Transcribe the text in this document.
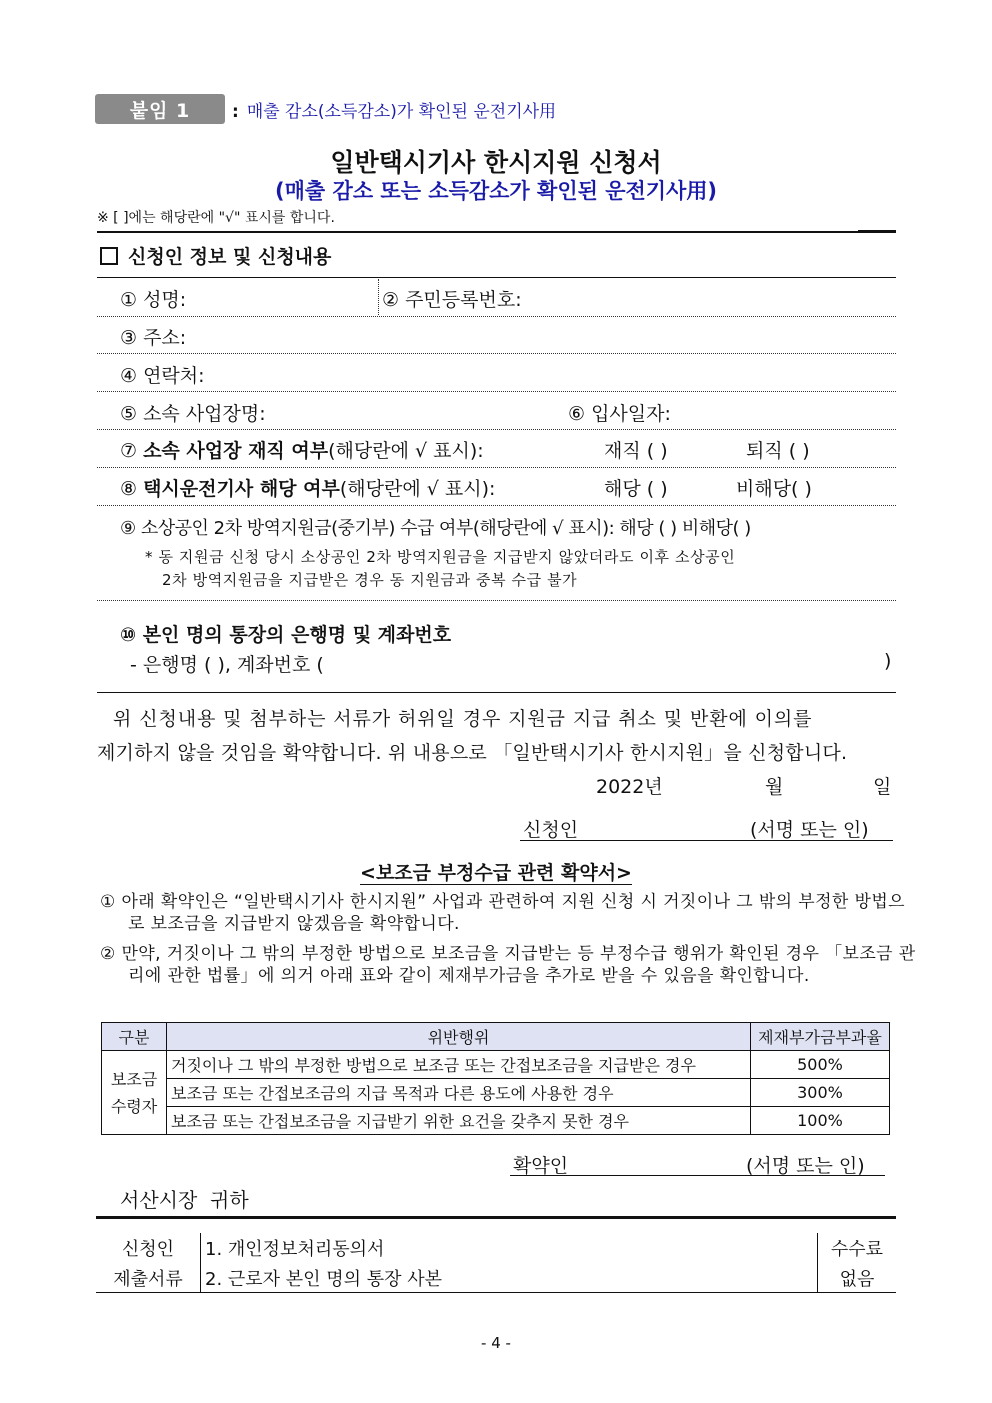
붙임 1	: 매출 감소(소득감소)가 확인된 운전기사用
일반택시기사 한시지원 신청서
(매출 감소 또는 소득감소가 확인된 운전기사用)
※ [ ]에는 해당란에 "√" 표시를 합니다.
신청인 정보 및 신청내용
① 성명:	② 주민등록번호:
③ 주소:
④ 연락처:
⑤ 소속 사업장명:	⑥ 입사일자:
⑦ 소속 사업장 재직 여부(해당란에 √ 표시):	재직 ( )	퇴직 ( )
⑧ 택시운전기사 해당 여부(해당란에 √ 표시):	해당 ( )	비해당( )
⑨ 소상공인 2차 방역지원금(중기부) 수급 여부(해당란에 √ 표시): 해당 ( ) 비해당( )
* 동 지원금 신청 당시 소상공인 2차 방역지원금을 지급받지 않았더라도 이후 소상공인
2차 방역지원금을 지급받은 경우 동 지원금과 중복 수급 불가
⑩ 본인 명의 통장의 은행명 및 계좌번호
- 은행명 ( ), 계좌번호 (	)
위 신청내용 및 첨부하는 서류가 허위일 경우 지원금 지급 취소 및 반환에 이의를
제기하지 않을 것임을 확약합니다. 위 내용으로 「일반택시기사 한시지원」을 신청합니다.
2022년	월	일
신청인	(서명 또는 인)
<보조금 부정수급 관련 확약서>
① 아래 확약인은 “일반택시기사 한시지원” 사업과 관련하여 지원 신청 시 거짓이나 그 밖의 부정한 방법으로 보조금을 지급받지 않겠음을 확약합니다.
② 만약, 거짓이나 그 밖의 부정한 방법으로 보조금을 지급받는 등 부정수급 행위가 확인된 경우 「보조금 관리에 관한 법률」에 의거 아래 표와 같이 제재부가금을 추가로 받을 수 있음을 확인합니다.
구분	위반행위	제재부가금부과율
보조금 수령자	거짓이나 그 밖의 부정한 방법으로 보조금 또는 간접보조금을 지급받은 경우	500%
	보조금 또는 간접보조금의 지급 목적과 다른 용도에 사용한 경우	300%
	보조금 또는 간접보조금을 지급받기 위한 요건을 갖추지 못한 경우	100%
확약인	(서명 또는 인)
서산시장  귀하
신청인	1. 개인정보처리동의서	수수료
제출서류	2. 근로자 본인 명의 통장 사본	없음
- 4 -
